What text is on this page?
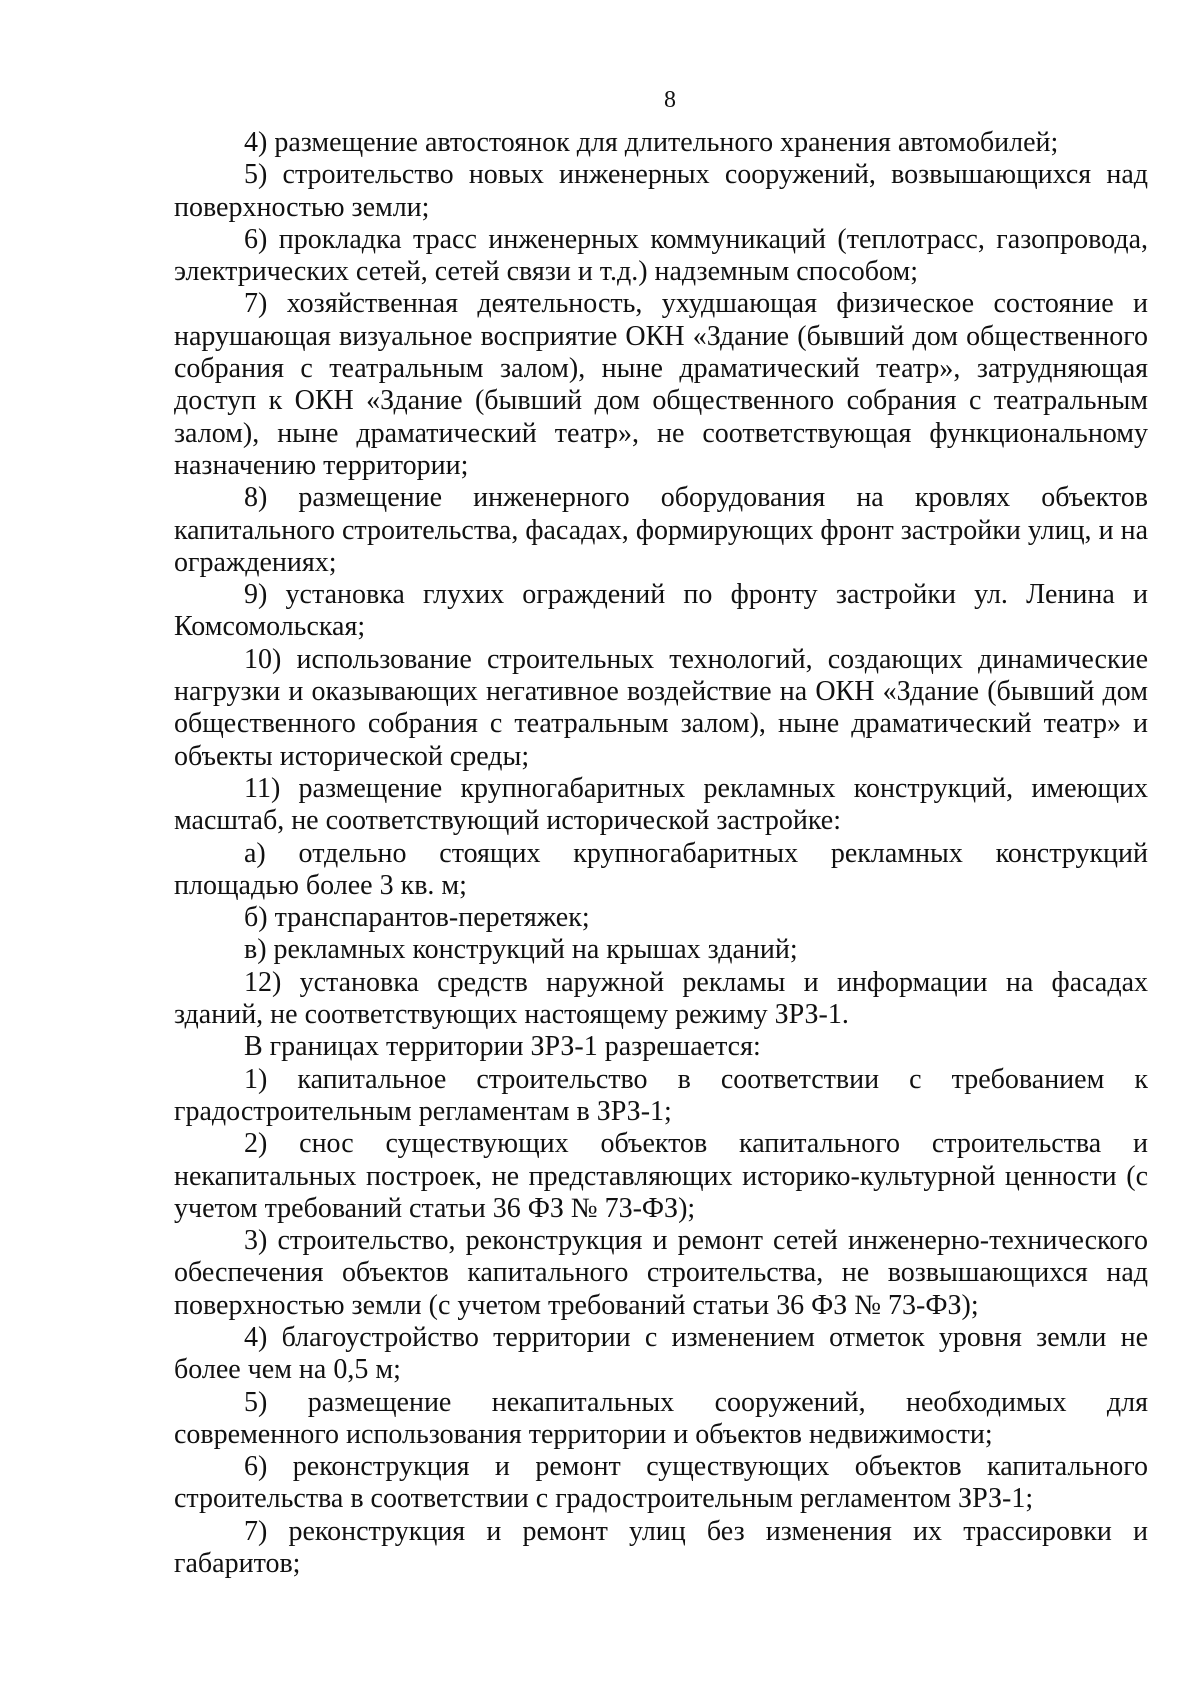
8

4) размещение автостоянок для длительного хранения автомобилей;

5) строительство новых инженерных сооружений, возвышающихся над поверхностью земли;

6) прокладка трасс инженерных коммуникаций (теплотрасс, газопровода, электрических сетей, сетей связи и т.д.) надземным способом;

7) хозяйственная деятельность, ухудшающая физическое состояние и нарушающая визуальное восприятие ОКН «Здание (бывший дом общественного собрания с театральным залом), ныне драматический театр», затрудняющая доступ к ОКН «Здание (бывший дом общественного собрания с театральным залом), ныне драматический театр», не соответствующая функциональному назначению территории;

8) размещение инженерного оборудования на кровлях объектов капитального строительства, фасадах, формирующих фронт застройки улиц, и на ограждениях;

9) установка глухих ограждений по фронту застройки ул. Ленина и Комсомольская;

10) использование строительных технологий, создающих динамические нагрузки и оказывающих негативное воздействие на ОКН «Здание (бывший дом общественного собрания с театральным залом), ныне драматический театр» и объекты исторической среды;

11) размещение крупногабаритных рекламных конструкций, имеющих масштаб, не соответствующий исторической застройке:

а) отдельно стоящих крупногабаритных рекламных конструкций площадью более 3 кв. м;

б) транспарантов-перетяжек;

в) рекламных конструкций на крышах зданий;

12) установка средств наружной рекламы и информации на фасадах зданий, не соответствующих настоящему режиму ЗРЗ-1.

В границах территории ЗРЗ-1 разрешается:

1) капитальное строительство в соответствии с требованием к градостроительным регламентам в ЗРЗ-1;

2) снос существующих объектов капитального строительства и некапитальных построек, не представляющих историко-культурной ценности (с учетом требований статьи 36 ФЗ № 73-ФЗ);

3) строительство, реконструкция и ремонт сетей инженерно-технического обеспечения объектов капитального строительства, не возвышающихся над поверхностью земли (с учетом требований статьи 36 ФЗ № 73-ФЗ);

4) благоустройство территории с изменением отметок уровня земли не более чем на 0,5 м;

5) размещение некапитальных сооружений, необходимых для современного использования территории и объектов недвижимости;

6) реконструкция и ремонт существующих объектов капитального строительства в соответствии с градостроительным регламентом ЗРЗ-1;

7) реконструкция и ремонт улиц без изменения их трассировки и габаритов;
